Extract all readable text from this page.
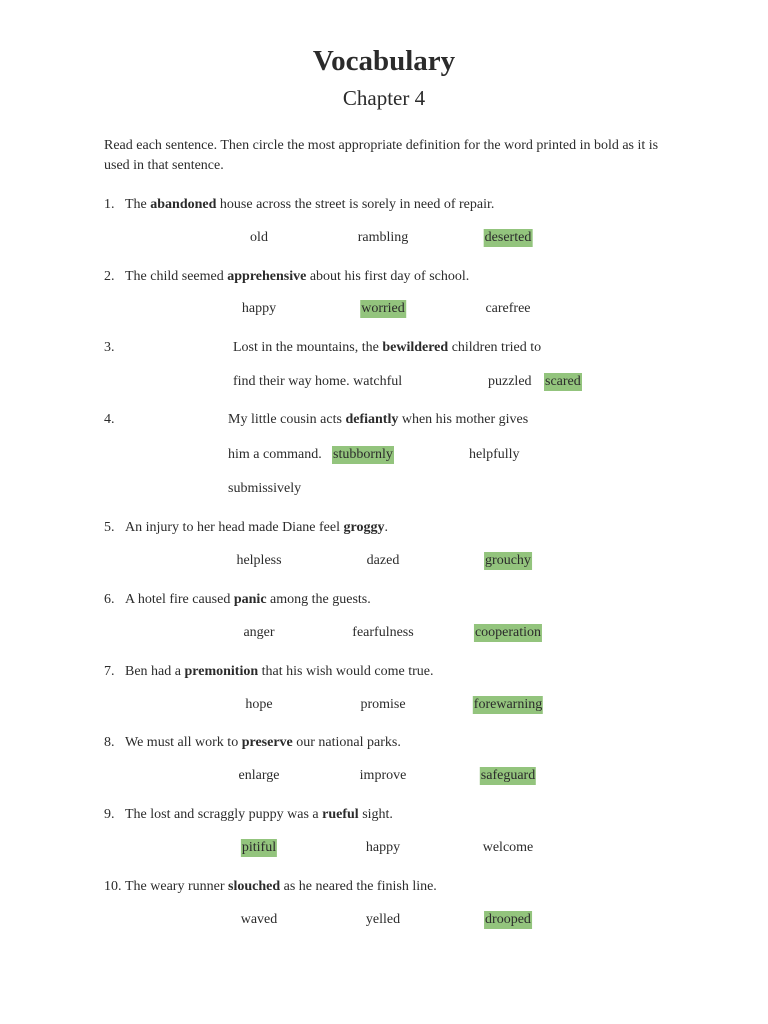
Vocabulary
Chapter 4
Read each sentence. Then circle the most appropriate definition for the word printed in bold as it is used in that sentence.
1. The abandoned house across the street is sorely in need of repair.
old	rambling	deserted
2. The child seemed apprehensive about his first day of school.
happy	worried	carefree
3.	Lost in the mountains, the bewildered children tried to
find their way home. watchful	puzzled scared
4.	My little cousin acts defiantly when his mother gives
him a command. stubbornly	helpfully
submissively
5. An injury to her head made Diane feel groggy.
helpless	dazed	grouchy
6. A hotel fire caused panic among the guests.
anger	fearfulness	cooperation
7. Ben had a premonition that his wish would come true.
hope	promise	forewarning
8. We must all work to preserve our national parks.
enlarge	improve	safeguard
9. The lost and scraggly puppy was a rueful sight.
pitiful	happy	welcome
10. The weary runner slouched as he neared the finish line.
waved	yelled	drooped
